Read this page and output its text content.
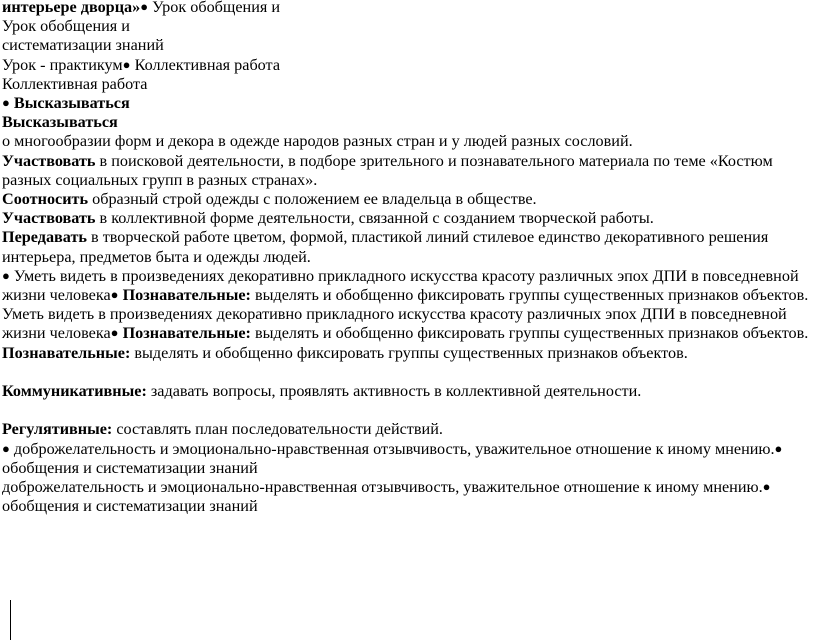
интерьере дворца»● Урок обобщения и
Урок обобщения и
систематизации знаний
Урок - практикум● Коллективная работа
Коллективная работа
● Высказываться
Высказываться
о многообразии форм и декора в одежде народов разных стран и у людей разных сословий.

Участвовать в поисковой деятельности, в подборе зрительного и познавательного материала по теме «Костюм разных социальных групп в разных странах».

Соотносить образный строй одежды с положением ее владельца в обществе.

Участвовать в коллективной форме деятельности, связанной с созданием творческой работы.

Передавать в творческой работе цветом, формой, пластикой линий стилевое единство декоративного решения интерьера, предметов быта и одежды людей.

● Уметь видеть в произведениях декоративно прикладного искусства красоту различных эпох ДПИ в повседневной жизни человека● Познавательные: выделять и обобщенно фиксировать группы существенных признаков объектов.

Уметь видеть в произведениях декоративно прикладного искусства красоту различных эпох ДПИ в повседневной жизни человека● Познавательные: выделять и обобщенно фиксировать группы существенных признаков объектов.

Познавательные: выделять и обобщенно фиксировать группы существенных признаков объектов.

Коммуникативные: задавать вопросы, проявлять активность в коллективной деятельности.

Регулятивные: составлять план последовательности действий.

● доброжелательность и эмоционально-нравственная отзывчивость, уважительное отношение к иному мнению.●

обобщения и систематизации знаний

доброжелательность и эмоционально-нравственная отзывчивость, уважительное отношение к иному мнению.●

обобщения и систематизации знаний
